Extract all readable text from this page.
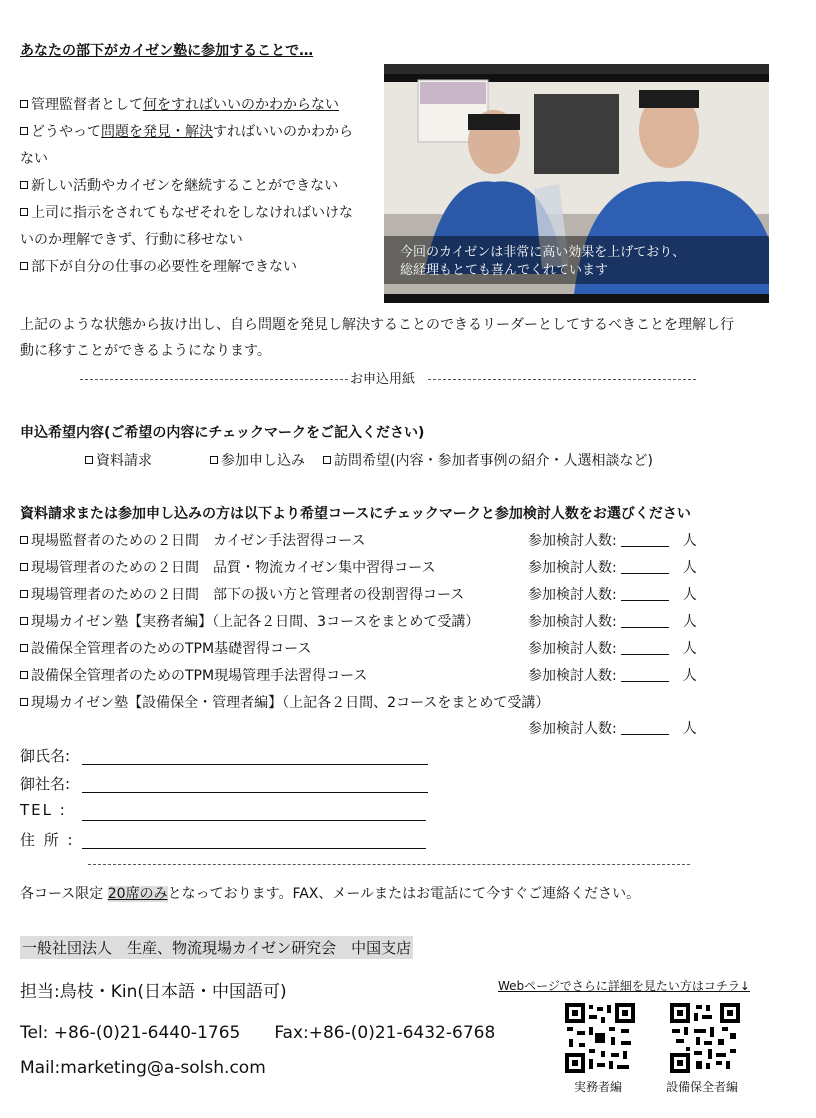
あなたの部下がカイゼン塾に参加することで…
管理監督者として何をすればいいのかわからない
どうやって問題を発見・解決すればいいのかわから
ない
新しい活動やカイゼンを継続することができない
上司に指示をされてもなぜそれをしなければいけな
いのか理解できず、行動に移せない
部下が自分の仕事の必要性を理解できない
今回のカイゼンは非常に高い効果を上げており、
総経理もとても喜んでくれています
上記のような状態から抜け出し、自ら問題を発見し解決することのできるリーダーとしてするべきことを理解し行
動に移すことができるようになります。
お申込用紙
申込希望内容(ご希望の内容にチェックマークをご記入ください)
資料請求	参加申し込み	訪問希望(内容・参加者事例の紹介・人選相談など)
資料請求または参加申し込みの方は以下より希望コースにチェックマークと参加検討人数をお選びください
現場監督者のための２日間　カイゼン手法習得コース	参加検討人数:	人
現場管理者のための２日間　品質・物流カイゼン集中習得コース	参加検討人数:	人
現場管理者のための２日間　部下の扱い方と管理者の役割習得コース	参加検討人数:	人
現場カイゼン塾【実務者編】（上記各２日間、3コースをまとめて受講）	参加検討人数:	人
設備保全管理者のためのTPM基礎習得コース	参加検討人数:	人
設備保全管理者のためのTPM現場管理手法習得コース	参加検討人数:	人
現場カイゼン塾【設備保全・管理者編】（上記各２日間、2コースをまとめて受講）
参加検討人数:	人
御氏名:
御社名:
TEL :
住 所 :
各コース限定 20席のみとなっております。FAX、メールまたはお電話にて今すぐご連絡ください。
一般社団法人　生産、物流現場カイゼン研究会　中国支店
担当:鳥枝・Kin(日本語・中国語可)
Tel: +86-(0)21-6440-1765　　Fax:+86-(0)21-6432-6768
Mail:marketing@a-solsh.com
Webページでさらに詳細を見たい方はコチラ↓
実務者編	設備保全者編
